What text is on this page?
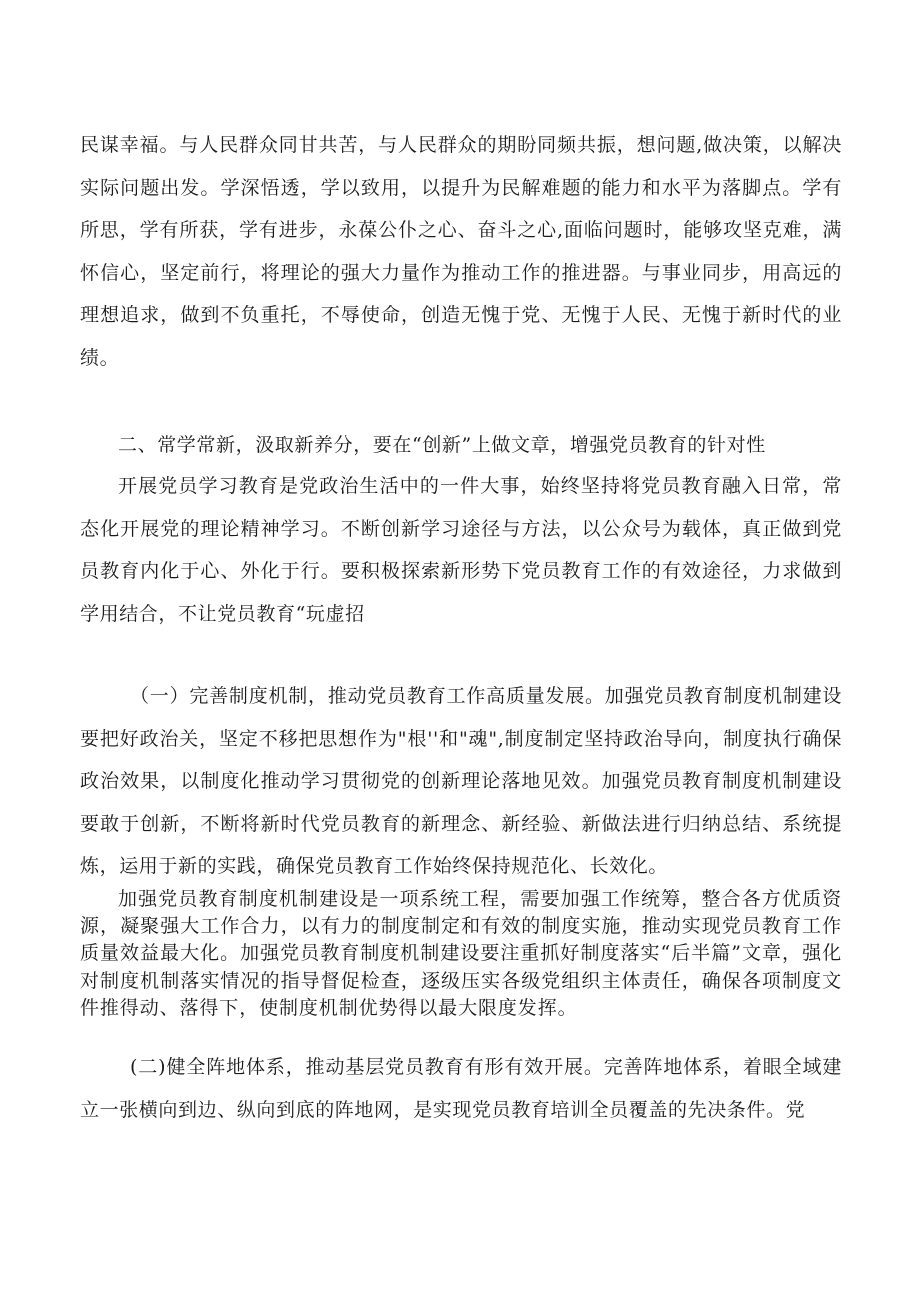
民谋幸福。与人民群众同甘共苦，与人民群众的期盼同频共振，想问题,做决策，以解决实际问题出发。学深悟透，学以致用，以提升为民解难题的能力和水平为落脚点。学有所思，学有所获，学有进步，永葆公仆之心、奋斗之心,面临问题时，能够攻坚克难，满怀信心，坚定前行，将理论的强大力量作为推动工作的推进器。与事业同步，用高远的理想追求，做到不负重托，不辱使命，创造无愧于党、无愧于人民、无愧于新时代的业绩。

二、常学常新，汲取新养分，要在“创新”上做文章，增强党员教育的针对性

开展党员学习教育是党政治生活中的一件大事，始终坚持将党员教育融入日常，常态化开展党的理论精神学习。不断创新学习途径与方法，以公众号为载体，真正做到党员教育内化于心、外化于行。要积极探索新形势下党员教育工作的有效途径，力求做到学用结合，不让党员教育“玩虚招

（一）完善制度机制，推动党员教育工作高质量发展。加强党员教育制度机制建设要把好政治关，坚定不移把思想作为"根''和"魂",制度制定坚持政治导向，制度执行确保政治效果，以制度化推动学习贯彻党的创新理论落地见效。加强党员教育制度机制建设要敢于创新，不断将新时代党员教育的新理念、新经验、新做法进行归纳总结、系统提炼，运用于新的实践，确保党员教育工作始终保持规范化、长效化。

加强党员教育制度机制建设是一项系统工程，需要加强工作统筹，整合各方优质资源，凝聚强大工作合力，以有力的制度制定和有效的制度实施，推动实现党员教育工作质量效益最大化。加强党员教育制度机制建设要注重抓好制度落实“后半篇”文章，强化对制度机制落实情况的指导督促检查，逐级压实各级党组织主体责任，确保各项制度文件推得动、落得下，使制度机制优势得以最大限度发挥。

(二)健全阵地体系，推动基层党员教育有形有效开展。完善阵地体系，着眼全域建立一张横向到边、纵向到底的阵地网，是实现党员教育培训全员覆盖的先决条件。党
